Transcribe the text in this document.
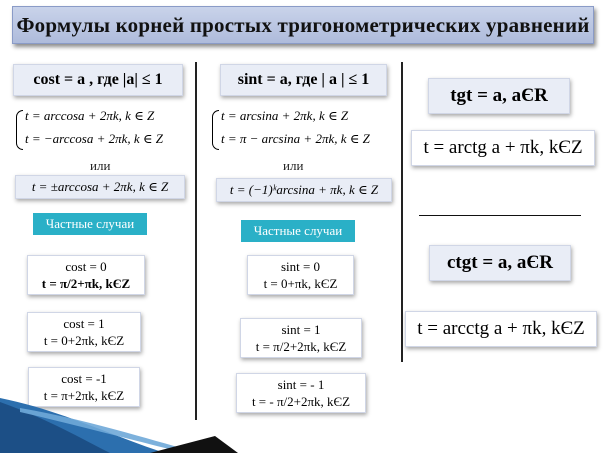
Формулы корней простых тригонометрических уравнений
cost = a , где |a| ≤ 1
t = arccosa + 2πk, k ∈ Z
t = −arccosa + 2πk, k ∈ Z
или
t = ±arccosa + 2πk, k ∈ Z
Частные случаи
cost = 0
t = π/2+πk, kЄZ
cost = 1
t = 0+2πk, kЄZ
cost = -1
t = π+2πk, kЄZ
sint = a, где | a | ≤ 1
t = arcsina + 2πk, k ∈ Z
t = π − arcsina + 2πk, k ∈ Z
или
t = (−1)ᵏarcsina + πk, k ∈ Z
Частные случаи
sint = 0
t = 0+πk, kЄZ
sint = 1
t = π/2+2πk, kЄZ
sint = - 1
t = - π/2+2πk, kЄZ
tgt = a, aЄR
t = arctg a + πk, kЄZ
ctgt = a, aЄR
t = arcctg a + πk, kЄZ
